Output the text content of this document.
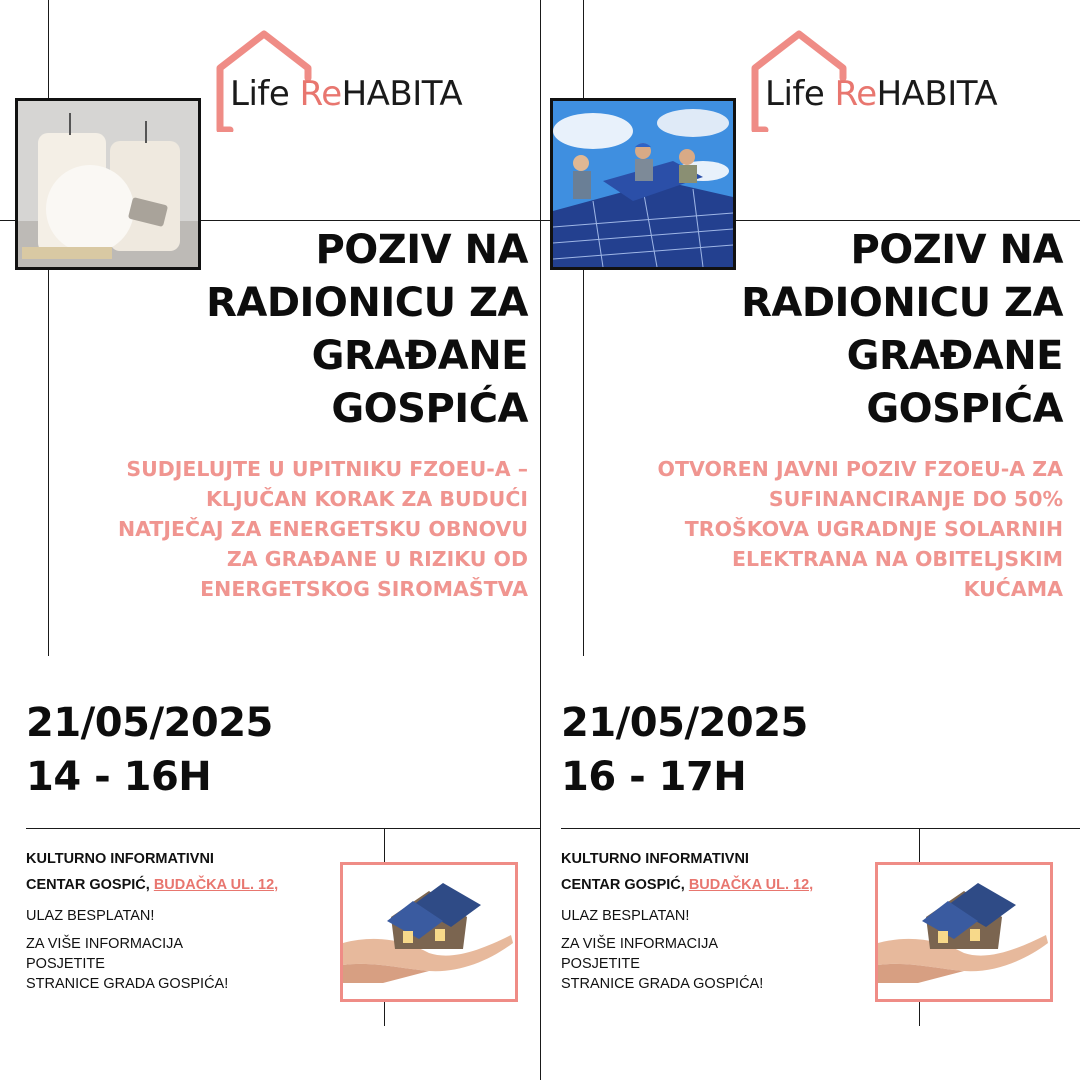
Life ReHABITA
POZIV NA
RADIONICU ZA
GRAĐANE
GOSPIĆA
SUDJELUJTE U UPITNIKU FZOEU-A –
KLJUČAN KORAK ZA BUDUĆI
NATJEČAJ ZA ENERGETSKU OBNOVU
ZA GRAĐANE U RIZIKU OD
ENERGETSKOG SIROMAŠTVA
21/05/2025
14 - 16H
KULTURNO INFORMATIVNI
CENTAR GOSPIĆ, BUDAČKA UL. 12,
ULAZ BESPLATAN!
ZA VIŠE INFORMACIJA
POSJETITE
STRANICE GRADA GOSPIĆA!
Life ReHABITA
POZIV NA
RADIONICU ZA
GRAĐANE
GOSPIĆA
OTVOREN JAVNI POZIV FZOEU-A ZA
SUFINANCIRANJE DO 50%
TROŠKOVA UGRADNJE SOLARNIH
ELEKTRANA NA OBITELJSKIM
KUĆAMA
21/05/2025
16 - 17H
KULTURNO INFORMATIVNI
CENTAR GOSPIĆ, BUDAČKA UL. 12,
ULAZ BESPLATAN!
ZA VIŠE INFORMACIJA
POSJETITE
STRANICE GRADA GOSPIĆA!
